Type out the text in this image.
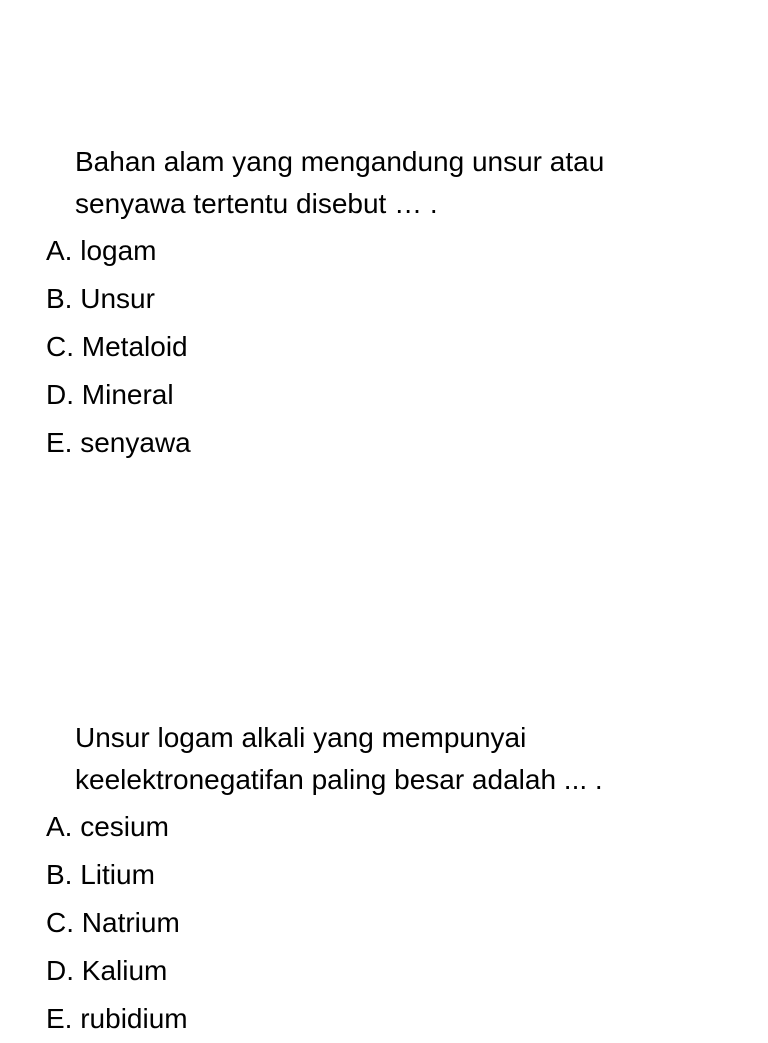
Bahan alam yang mengandung unsur atau senyawa tertentu disebut … .

A. logam
B. Unsur
C. Metaloid
D. Mineral
E. senyawa

Unsur logam alkali yang mempunyai keelektronegatifan paling besar adalah ... .

A. cesium
B. Litium
C. Natrium
D. Kalium
E. rubidium
